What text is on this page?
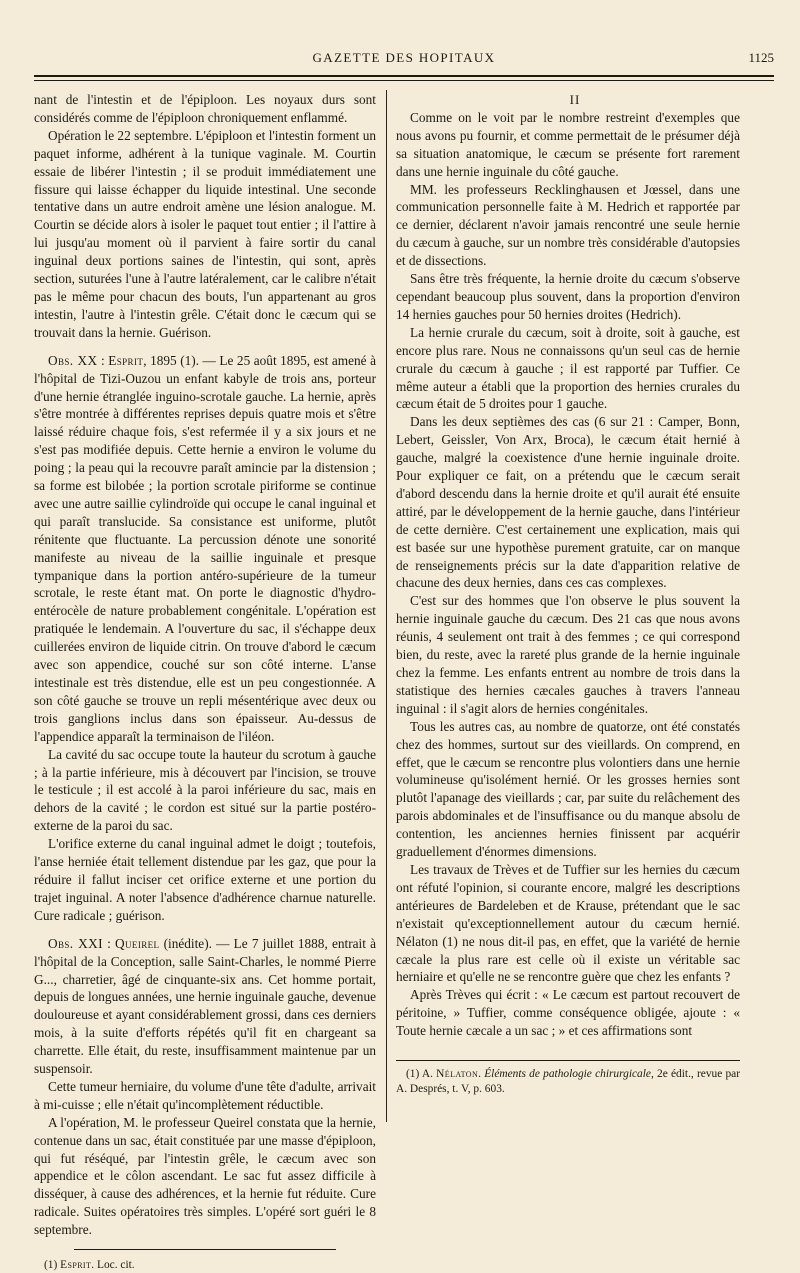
GAZETTE DES HOPITAUX	1125

nant de l'intestin et de l'épiploon. Les noyaux durs sont considérés comme de l'épiploon chroniquement enflammé.

Opération le 22 septembre. L'épiploon et l'intestin forment un paquet informe, adhérent à la tunique vaginale. M. Courtin essaie de libérer l'intestin ; il se produit immédiatement une fissure qui laisse échapper du liquide intestinal. Une seconde tentative dans un autre endroit amène une lésion analogue. M. Courtin se décide alors à isoler le paquet tout entier ; il l'attire à lui jusqu'au moment où il parvient à faire sortir du canal inguinal deux portions saines de l'intestin, qui sont, après section, suturées l'une à l'autre latéralement, car le calibre n'était pas le même pour chacun des bouts, l'un appartenant au gros intestin, l'autre à l'intestin grêle. C'était donc le cæcum qui se trouvait dans la hernie. Guérison.

Obs. XX : Esprit, 1895 (1). — Le 25 août 1895, est amené à l'hôpital de Tizi-Ouzou un enfant kabyle de trois ans, porteur d'une hernie étranglée inguino-scrotale gauche. La hernie, après s'être montrée à différentes reprises depuis quatre mois et s'être laissé réduire chaque fois, s'est refermée il y a six jours et ne s'est pas modifiée depuis. Cette hernie a environ le volume du poing ; la peau qui la recouvre paraît amincie par la distension ; sa forme est bilobée ; la portion scrotale piriforme se continue avec une autre saillie cylindroïde qui occupe le canal inguinal et qui paraît translucide. Sa consistance est uniforme, plutôt rénitente que fluctuante. La percussion dénote une sonorité manifeste au niveau de la saillie inguinale et presque tympanique dans la portion antéro-supérieure de la tumeur scrotale, le reste étant mat. On porte le diagnostic d'hydro-entérocèle de nature probablement congénitale. L'opération est pratiquée le lendemain. A l'ouverture du sac, il s'échappe deux cuillerées environ de liquide citrin. On trouve d'abord le cæcum avec son appendice, couché sur son côté interne. L'anse intestinale est très distendue, elle est un peu congestionnée. A son côté gauche se trouve un repli mésentérique avec deux ou trois ganglions inclus dans son épaisseur. Au-dessus de l'appendice apparaît la terminaison de l'iléon.

La cavité du sac occupe toute la hauteur du scrotum à gauche ; à la partie inférieure, mis à découvert par l'incision, se trouve le testicule ; il est accolé à la paroi inférieure du sac, mais en dehors de la cavité ; le cordon est situé sur la partie postéro-externe de la paroi du sac.

L'orifice externe du canal inguinal admet le doigt ; toutefois, l'anse herniée était tellement distendue par les gaz, que pour la réduire il fallut inciser cet orifice externe et une portion du trajet inguinal. A noter l'absence d'adhérence charnue naturelle. Cure radicale ; guérison.

Obs. XXI : Queirel (inédite). — Le 7 juillet 1888, entrait à l'hôpital de la Conception, salle Saint-Charles, le nommé Pierre G..., charretier, âgé de cinquante-six ans. Cet homme portait, depuis de longues années, une hernie inguinale gauche, devenue douloureuse et ayant considérablement grossi, dans ces derniers mois, à la suite d'efforts répétés qu'il fit en chargeant sa charrette. Elle était, du reste, insuffisamment maintenue par un suspensoir.

Cette tumeur herniaire, du volume d'une tête d'adulte, arrivait à mi-cuisse ; elle n'était qu'incomplètement réductible.

A l'opération, M. le professeur Queirel constata que la hernie, contenue dans un sac, était constituée par une masse d'épiploon, qui fut réséqué, par l'intestin grêle, le cæcum avec son appendice et le côlon ascendant. Le sac fut assez difficile à disséquer, à cause des adhérences, et la hernie fut réduite. Cure radicale. Suites opératoires très simples. L'opéré sort guéri le 8 septembre.

(1) Esprit. Loc. cit.

II

Comme on le voit par le nombre restreint d'exemples que nous avons pu fournir, et comme permettait de le présumer déjà sa situation anatomique, le cæcum se présente fort rarement dans une hernie inguinale du côté gauche.

MM. les professeurs Recklinghausen et Jœssel, dans une communication personnelle faite à M. Hedrich et rapportée par ce dernier, déclarent n'avoir jamais rencontré une seule hernie du cæcum à gauche, sur un nombre très considérable d'autopsies et de dissections.

Sans être très fréquente, la hernie droite du cæcum s'observe cependant beaucoup plus souvent, dans la proportion d'environ 14 hernies gauches pour 50 hernies droites (Hedrich).

La hernie crurale du cæcum, soit à droite, soit à gauche, est encore plus rare. Nous ne connaissons qu'un seul cas de hernie crurale du cæcum à gauche ; il est rapporté par Tuffier. Ce même auteur a établi que la proportion des hernies crurales du cæcum était de 5 droites pour 1 gauche.

Dans les deux septièmes des cas (6 sur 21 : Camper, Bonn, Lebert, Geissler, Von Arx, Broca), le cæcum était hernié à gauche, malgré la coexistence d'une hernie inguinale droite. Pour expliquer ce fait, on a prétendu que le cæcum serait d'abord descendu dans la hernie droite et qu'il aurait été ensuite attiré, par le développement de la hernie gauche, dans l'intérieur de cette dernière. C'est certainement une explication, mais qui est basée sur une hypothèse purement gratuite, car on manque de renseignements précis sur la date d'apparition relative de chacune des deux hernies, dans ces cas complexes.

C'est sur des hommes que l'on observe le plus souvent la hernie inguinale gauche du cæcum. Des 21 cas que nous avons réunis, 4 seulement ont trait à des femmes ; ce qui correspond bien, du reste, avec la rareté plus grande de la hernie inguinale chez la femme. Les enfants entrent au nombre de trois dans la statistique des hernies cæcales gauches à travers l'anneau inguinal : il s'agit alors de hernies congénitales.

Tous les autres cas, au nombre de quatorze, ont été constatés chez des hommes, surtout sur des vieillards. On comprend, en effet, que le cæcum se rencontre plus volontiers dans une hernie volumineuse qu'isolément hernié. Or les grosses hernies sont plutôt l'apanage des vieillards ; car, par suite du relâchement des parois abdominales et de l'insuffisance ou du manque absolu de contention, les anciennes hernies finissent par acquérir graduellement d'énormes dimensions.

Les travaux de Trèves et de Tuffier sur les hernies du cæcum ont réfuté l'opinion, si courante encore, malgré les descriptions antérieures de Bardeleben et de Krause, prétendant que le sac n'existait qu'exceptionnellement autour du cæcum hernié. Nélaton (1) ne nous dit-il pas, en effet, que la variété de hernie cæcale la plus rare est celle où il existe un véritable sac herniaire et qu'elle ne se rencontre guère que chez les enfants ?

Après Trèves qui écrit : « Le cæcum est partout recouvert de péritoine, » Tuffier, comme conséquence obligée, ajoute : « Toute hernie cæcale a un sac ; » et ces affirmations sont

(1) A. Nélaton. Éléments de pathologie chirurgicale, 2e édit., revue par A. Després, t. V, p. 603.
